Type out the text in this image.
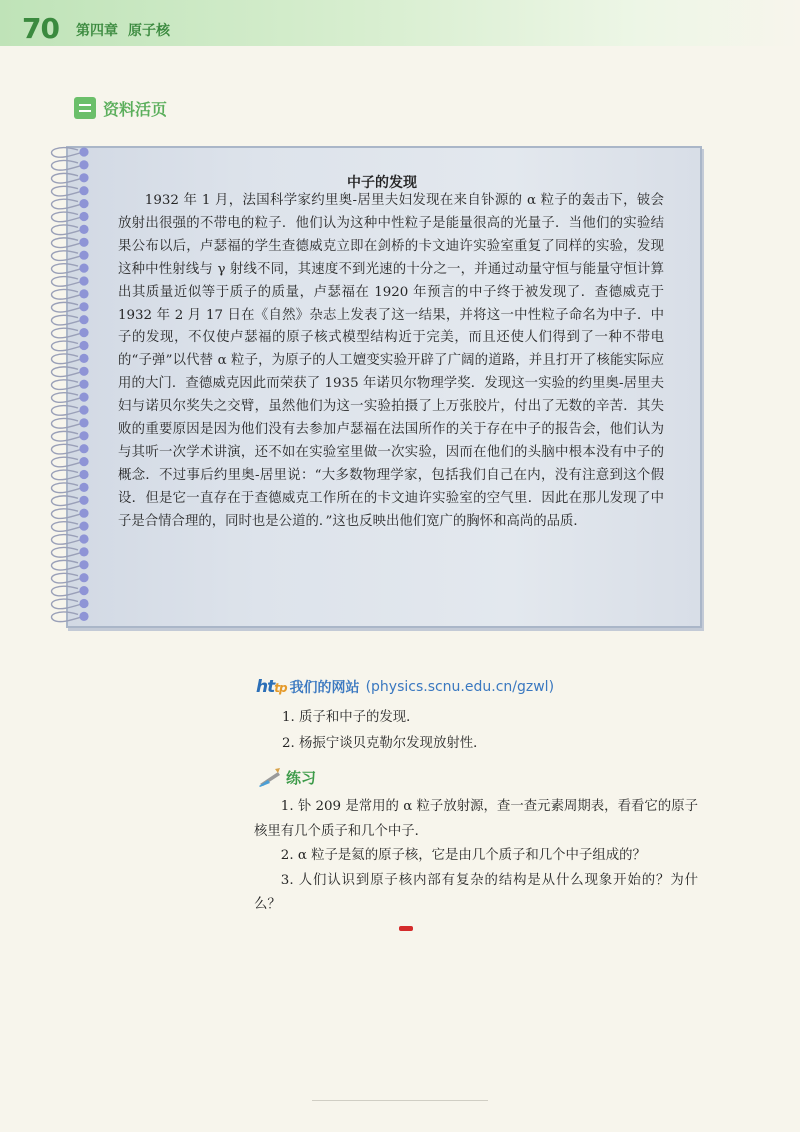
70 第四章 原子核
资料活页
中子的发现
1932 年 1 月，法国科学家约里奥-居里夫妇发现在来自钋源的 α 粒子的轰击下，铍会放射出很强的不带电的粒子．他们认为这种中性粒子是能量很高的光量子．当他们的实验结果公布以后，卢瑟福的学生查德威克立即在剑桥的卡文迪许实验室重复了同样的实验，发现这种中性射线与 γ 射线不同，其速度不到光速的十分之一，并通过动量守恒与能量守恒计算出其质量近似等于质子的质量，卢瑟福在 1920 年预言的中子终于被发现了．查德威克于 1932 年 2 月 17 日在《自然》杂志上发表了这一结果，并将这一中性粒子命名为中子．中子的发现，不仅使卢瑟福的原子核式模型结构近于完美，而且还使人们得到了一种不带电的“子弹”以代替 α 粒子，为原子的人工嬗变实验开辟了广阔的道路，并且打开了核能实际应用的大门．查德威克因此而荣获了 1935 年诺贝尔物理学奖．发现这一实验的约里奥-居里夫妇与诺贝尔奖失之交臂，虽然他们为这一实验拍摄了上万张胶片，付出了无数的辛苦．其失败的重要原因是因为他们没有去参加卢瑟福在法国所作的关于存在中子的报告会，他们认为与其听一次学术讲演，还不如在实验室里做一次实验，因而在他们的头脑中根本没有中子的概念．不过事后约里奥-居里说：“大多数物理学家，包括我们自己在内，没有注意到这个假设．但是它一直存在于查德威克工作所在的卡文迪许实验室的空气里．因此在那儿发现了中子是合情合理的，同时也是公道的．”这也反映出他们宽广的胸怀和高尚的品质．
http 我们的网站 (physics.scnu.edu.cn/gzwl)
1. 质子和中子的发现．
2. 杨振宁谈贝克勒尔发现放射性．
练习

1. 钋 209 是常用的 α 粒子放射源，查一查元素周期表，看看它的原子核里有几个质子和几个中子．

2. α 粒子是氦的原子核，它是由几个质子和几个中子组成的？

3. 人们认识到原子核内部有复杂的结构是从什么现象开始的？为什么？
